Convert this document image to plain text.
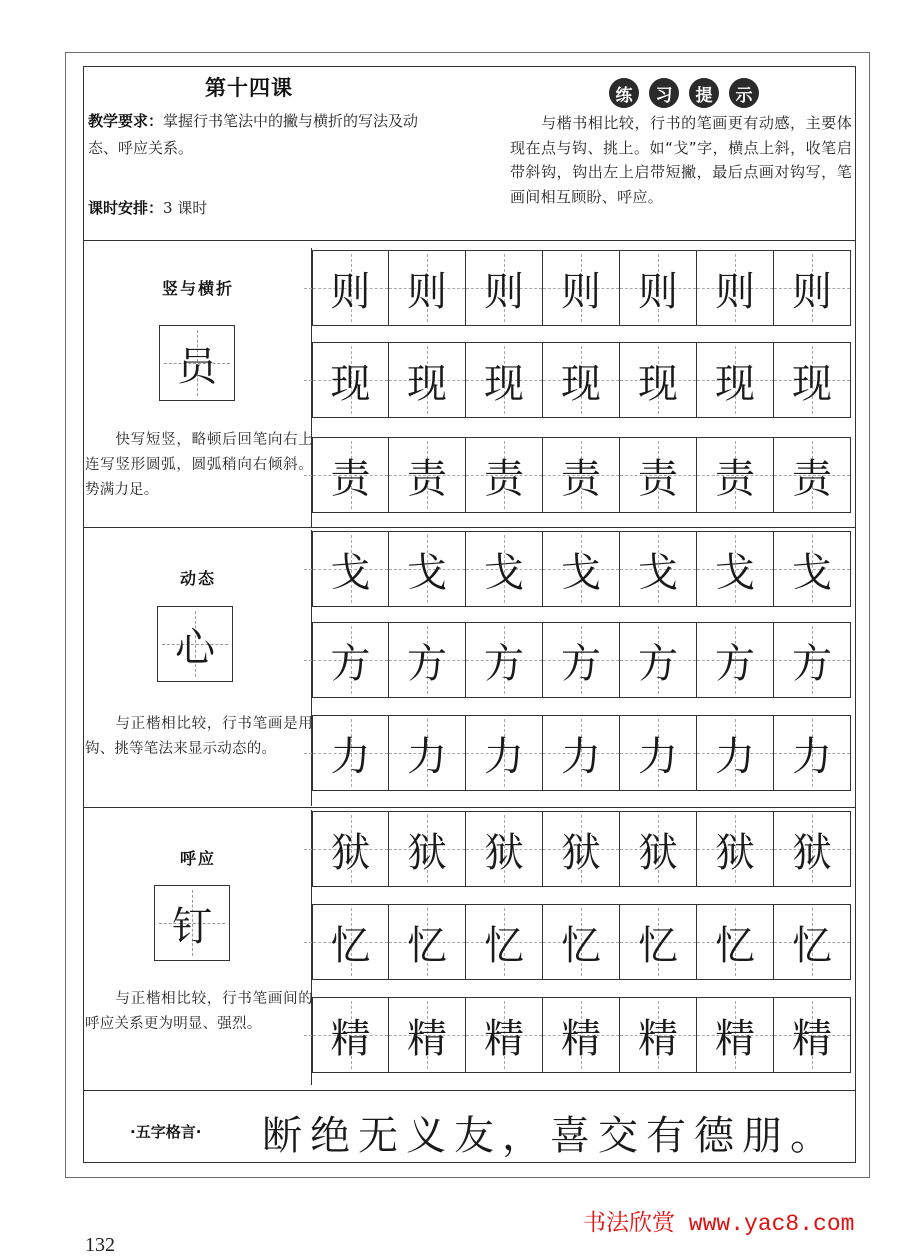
第十四课
教学要求：掌握行书笔法中的撇与横折的写法及动态、呼应关系。
课时安排：3 课时
练	习	提	示
　　与楷书相比较，行书的笔画更有动感，主要体现在点与钩、挑上。如“戈”字，横点上斜，收笔启带斜钩，钩出左上启带短撇，最后点画对钩写，笔画间相互顾盼、呼应。
竖与横折
员
　　快写短竖，略顿后回笔向右上连写竖形圆弧，圆弧稍向右倾斜。势满力足。
则 则 则 则 则 则 则
现 现 现 现 现 现 现
责 责 责 责 责 责 责
动态
心
　　与正楷相比较，行书笔画是用钩、挑等笔法来显示动态的。
戈 戈 戈 戈 戈 戈 戈
方 方 方 方 方 方 方
力 力 力 力 力 力 力
呼应
钉
　　与正楷相比较，行书笔画间的呼应关系更为明显、强烈。
狱 狱 狱 狱 狱 狱 狱
忆 忆 忆 忆 忆 忆 忆
精 精 精 精 精 精 精
·五字格言· 断绝无义友，喜交有德朋。
132
书法欣赏 www.yac8.com
